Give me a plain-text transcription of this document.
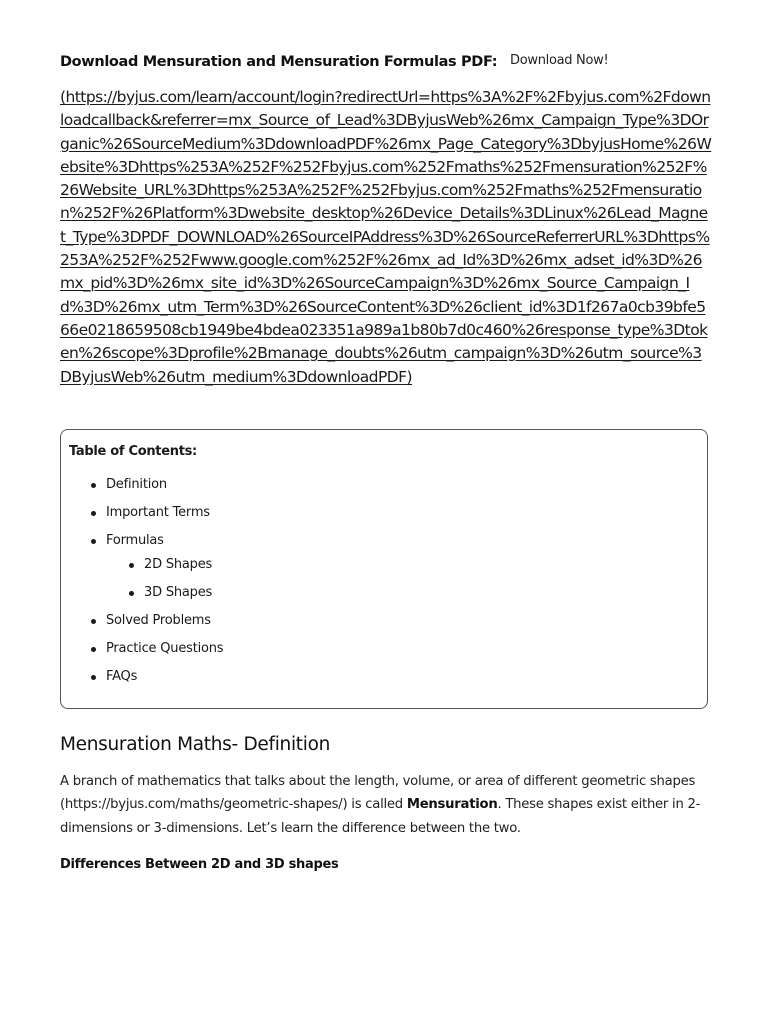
Download Mensuration and Mensuration Formulas PDF: Download Now!
(https://byjus.com/learn/account/login?redirectUrl=https%3A%2F%2Fbyjus.com%2Fdownloadcallback&referrer=mx_Source_of_Lead%3DByjusWeb%26mx_Campaign_Type%3DOrganic%26SourceMedium%3DdownloadPDF%26mx_Page_Category%3DbyjusHome%26Website%3Dhttps%253A%252F%252Fbyjus.com%252Fmaths%252Fmensuration%252F%26Website_URL%3Dhttps%253A%252F%252Fbyjus.com%252Fmaths%252Fmensuration%252F%26Platform%3Dwebsite_desktop%26Device_Details%3DLinux%26Lead_Magnet_Type%3DPDF_DOWNLOAD%26SourceIPAddress%3D%26SourceReferrerURL%3Dhttps%253A%252F%252Fwww.google.com%252F%26mx_ad_Id%3D%26mx_adset_id%3D%26mx_pid%3D%26mx_site_id%3D%26SourceCampaign%3D%26mx_Source_Campaign_Id%3D%26mx_utm_Term%3D%26SourceContent%3D%26client_id%3D1f267a0cb39bfe566e0218659508cb1949be4bdea023351a989a1b80b7d0c460%26response_type%3Dtoken%26scope%3Dprofile%2Bmanage_doubts%26utm_campaign%3D%26utm_source%3DByjusWeb%26utm_medium%3DdownloadPDF)
Table of Contents:
Definition
Important Terms
Formulas
2D Shapes
3D Shapes
Solved Problems
Practice Questions
FAQs
Mensuration Maths- Definition

A branch of mathematics that talks about the length, volume, or area of different geometric shapes (https://byjus.com/maths/geometric-shapes/) is called Mensuration. These shapes exist either in 2-dimensions or 3-dimensions. Let’s learn the difference between the two.

Differences Between 2D and 3D shapes
